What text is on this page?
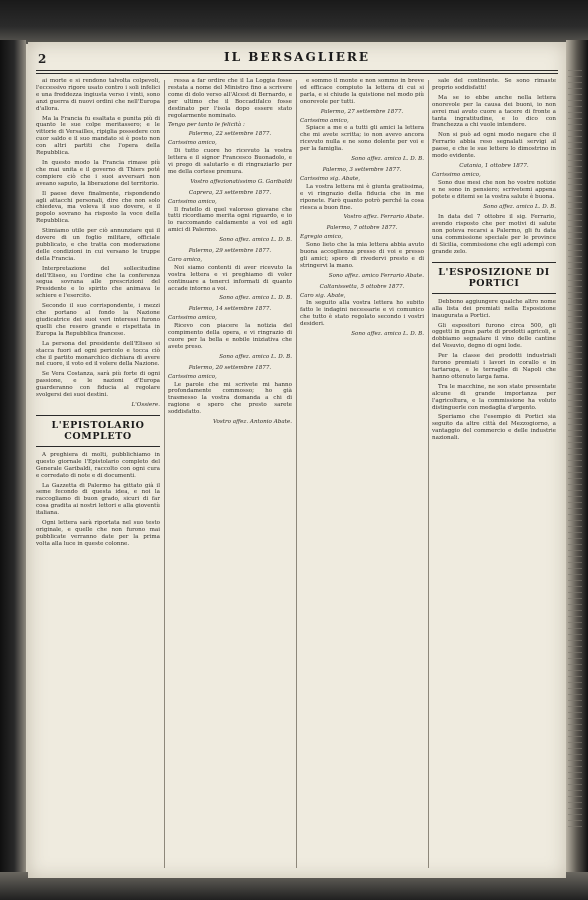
2	IL BERSAGLIERE

ai morte e si rendono talvolta colpevoli, l'eccessivo rigore usato contro i soli infelici e una freddezza ingiusta verso i vinti, sono anzi guerra di nuovi ordini che nell'Europa d'allora.

Ma la Francia fu esaltata e punita più di quanto le sue colpe meritassero; e le vittorie di Versailles, ripiglia possedere con cuor saldo e il suo mandato si è posto non con altri partiti che l'opera della Repubblica.

In questo modo la Francia rimase più che mai unita e il governo di Thiers poté compiere ciò che i suoi avversari non aveano saputo, la liberazione del territorio.

Il paese deve finalmente, rispondendo agli attacchi personali, dire che non solo chiedeva, ma voleva il suo dovere, e il popolo sovrano ha risposto la voce della Repubblica.

Stimiamo utile per ciò annunziare qui il dovere di un foglio militare, officiale pubblicato, e che tratta con moderazione delle condizioni in cui versano le truppe della Francia.

Interpretazione del sollecitudine dell'Eliseo, su l'ordine che la conferenza segua sovrana alle prescrizioni del Presidente e lo spirito che animava le schiere e l'esercito.

Secondo il suo corrispondente, i mezzi che portano al fondo la Nazione giudicatrice dei suoi veri interessi furono quelli che resero grande e rispettata in Europa la Repubblica francese.

La persona del presidente dell'Eliseo si stacca fuori ad ogni pericolo e tocca ciò che il partito monarchico dichiara di avere nel cuore, il voto ed il volere della Nazione.

Se Vera Costanza, sarà più forte di ogni passione, e le nazioni d'Europa guarderanno con fiducia al regolare svolgersi dei suoi destini.

L'Ossiere.

L'EPISTOLARIO COMPLETO

A preghiera di molti, pubblichiamo in questo giornale l'Epistolario completo del Generale Garibaldi, raccolto con ogni cura e corredato di note e di documenti.

La Gazzetta di Palermo ha gittato già il seme fecondo di questa idea, e noi la raccogliamo di buon grado, sicuri di far cosa gradita ai nostri lettori e alla gioventù italiana.

Ogni lettera sarà riportata nel suo testo originale, e quelle che non furono mai pubblicate verranno date per la prima volta alla luce in queste colonne.

ressa a far ordire che il La Loggia fosse restata a nome del Ministro fino a scrivere come di dolo verso all'Alcest di Bernardo, e per ultimo che il Boccadifalco fosse destinato per l'isola dopo essere stato regolarmente nominato.

Tengo per tanto le felicità :

Palermo, 22 settembre 1877.

Carissimo amico,

Di tutto cuore ho ricevuto la vostra lettera e il signor Francesco Buonadolo, e vi prego di salutarlo e di ringraziarlo per me della cortese premura.

Vostro affezionatissimo G. Garibaldi

Caprera, 23 settembre 1877.

Carissimo amico,

Il fratello di quel valoroso giovane che tutti ricordiamo merita ogni riguardo, e io lo raccomando caldamente a voi ed agli amici di Palermo.

Sono affez. amico L. D. B.

Palermo, 29 settembre 1877.

Caro amico,

Noi siamo contenti di aver ricevuto la vostra lettera e vi preghiamo di voler continuare a tenerci informati di quanto accade intorno a voi.

Sono affez. amico L. D. B.

Palermo, 14 settembre 1877.

Carissimo amico,

Ricevo con piacere la notizia del compimento della opera, e vi ringrazio di cuore per la bella e nobile iniziativa che avete preso.

Sono affez. amico L. D. B.

Palermo, 20 settembre 1877.

Carissimo amico,

Le parole che mi scrivete mi hanno profondamente commosso; ho già trasmesso la vostra domanda a chi di ragione e spero che presto sarete soddisfatto.

Vostro affez. Antonio Abate.

e sommo il monte e non sommo in breve ed efficace compiuto la lettera di cui si parla, e si chiude la quistione nel modo più onorevole per tutti.

Palermo, 27 settembre 1877.

Carissimo amico,

Spiace a me e a tutti gli amici la lettera che mi avete scritta; io non avevo ancora ricevuto nulla e ne sono dolente per voi e per la famiglia.

Sono affez. amico L. D. B.

Palermo, 3 settembre 1877.

Carissimo sig. Abate,

La vostra lettera mi è giunta gratissima, e vi ringrazio della fiducia che in me riponete. Farò quanto potrò perché la cosa riesca a buon fine.

Vostro affez. Ferrario Abate.

Palermo, 7 ottobre 1877.

Egregio amico,

Sono lieto che la mia lettera abbia avuto buona accoglienza presso di voi e presso gli amici; spero di rivedervi presto e di stringervi la mano.

Sono affez. amico Ferrario Abate.

Caltanissetta, 5 ottobre 1877.

Caro sig. Abate,

In seguito alla vostra lettera ho subito fatto le indagini necessarie e vi comunico che tutto è stato regolato secondo i vostri desideri.

Sono affez. amico L. D. B.

sale del continente. Se sono rimaste proprio soddisfatti!

Ma se io ebbe anche nella lettera onorevole per la causa dei buoni, io non avrei mai avuto cuore a tacere di fronte a tanta ingratitudine, e lo dico con franchezza a chi vuole intendere.

Non si può ad ogni modo negare che il Ferrario abbia reso segnalati servigi al paese, e che le sue lettere lo dimostrino in modo evidente.

Catania, 1 ottobre 1877.

Carissimo amico,

Sono due mesi che non ho vostre notizie e ne sono in pensiero; scrivetemi appena potete e ditemi se la vostra salute è buona.

Sono affez. amico L. D. B.

In data del 7 ottobre il sig. Ferrario, avendo risposto che per motivi di salute non poteva recarsi a Palermo, gli fu data una commissione speciale per le province di Sicilia, commissione che egli adempì con grande zelo.

L'ESPOSIZIONE DI PORTICI

Debbono aggiungere qualche altro nome alla lista dei premiati nella Esposizione inaugurata a Portici.

Gli espositori furono circa 500, gli oggetti in gran parte di prodotti agricoli, e dobbiamo segnalare il vino delle cantine del Vesuvio, degno di ogni lode.

Per la classe dei prodotti industriali furono premiati i lavori in corallo e in tartaruga, e le terraglie di Napoli che hanno ottenuto larga fama.

Tra le macchine, ne son state presentate alcune di grande importanza per l'agricoltura, e la commissione ha voluto distinguerle con medaglia d'argento.

Speriamo che l'esempio di Portici sia seguito da altre città del Mezzogiorno, a vantaggio del commercio e delle industrie nazionali.
